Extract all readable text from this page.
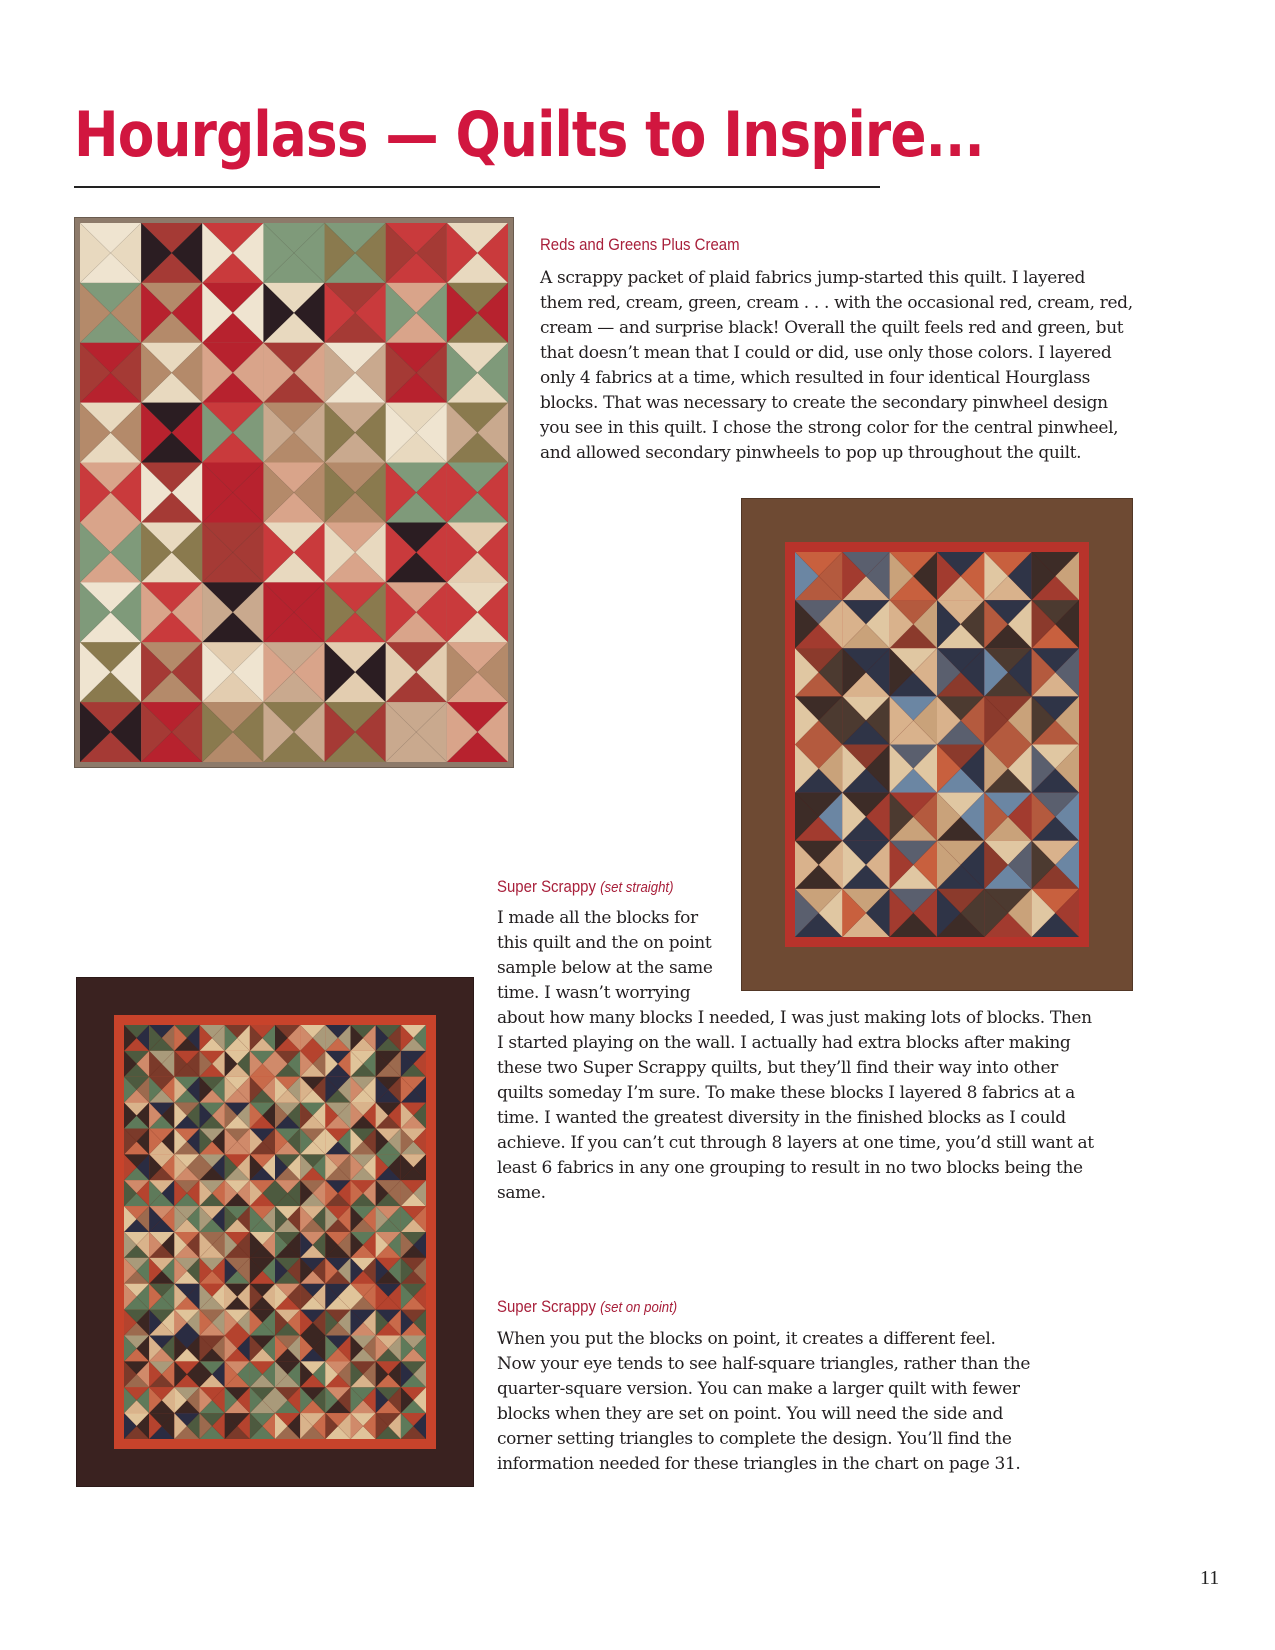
Hourglass — Quilts to Inspire...
Reds and Greens Plus Cream

A scrappy packet of plaid fabrics jump-started this quilt. I layered

them red, cream, green, cream . . . with the occasional red, cream, red,

cream — and surprise black! Overall the quilt feels red and green, but

that doesn’t mean that I could or did, use only those colors. I layered

only 4 fabrics at a time, which resulted in four identical Hourglass

blocks. That was necessary to create the secondary pinwheel design

you see in this quilt. I chose the strong color for the central pinwheel,

and allowed secondary pinwheels to pop up throughout the quilt.

Super Scrappy (set straight)

I made all the blocks for

this quilt and the on point

sample below at the same

time. I wasn’t worrying

about how many blocks I needed, I was just making lots of blocks. Then

I started playing on the wall. I actually had extra blocks after making

these two Super Scrappy quilts, but they’ll find their way into other

quilts someday I’m sure. To make these blocks I layered 8 fabrics at a

time. I wanted the greatest diversity in the finished blocks as I could

achieve. If you can’t cut through 8 layers at one time, you’d still want at

least 6 fabrics in any one grouping to result in no two blocks being the

same.

Super Scrappy (set on point)

When you put the blocks on point, it creates a different feel.

Now your eye tends to see half-square triangles, rather than the

quarter-square version. You can make a larger quilt with fewer

blocks when they are set on point. You will need the side and

corner setting triangles to complete the design. You’ll find the

information needed for these triangles in the chart on page 31.

11
